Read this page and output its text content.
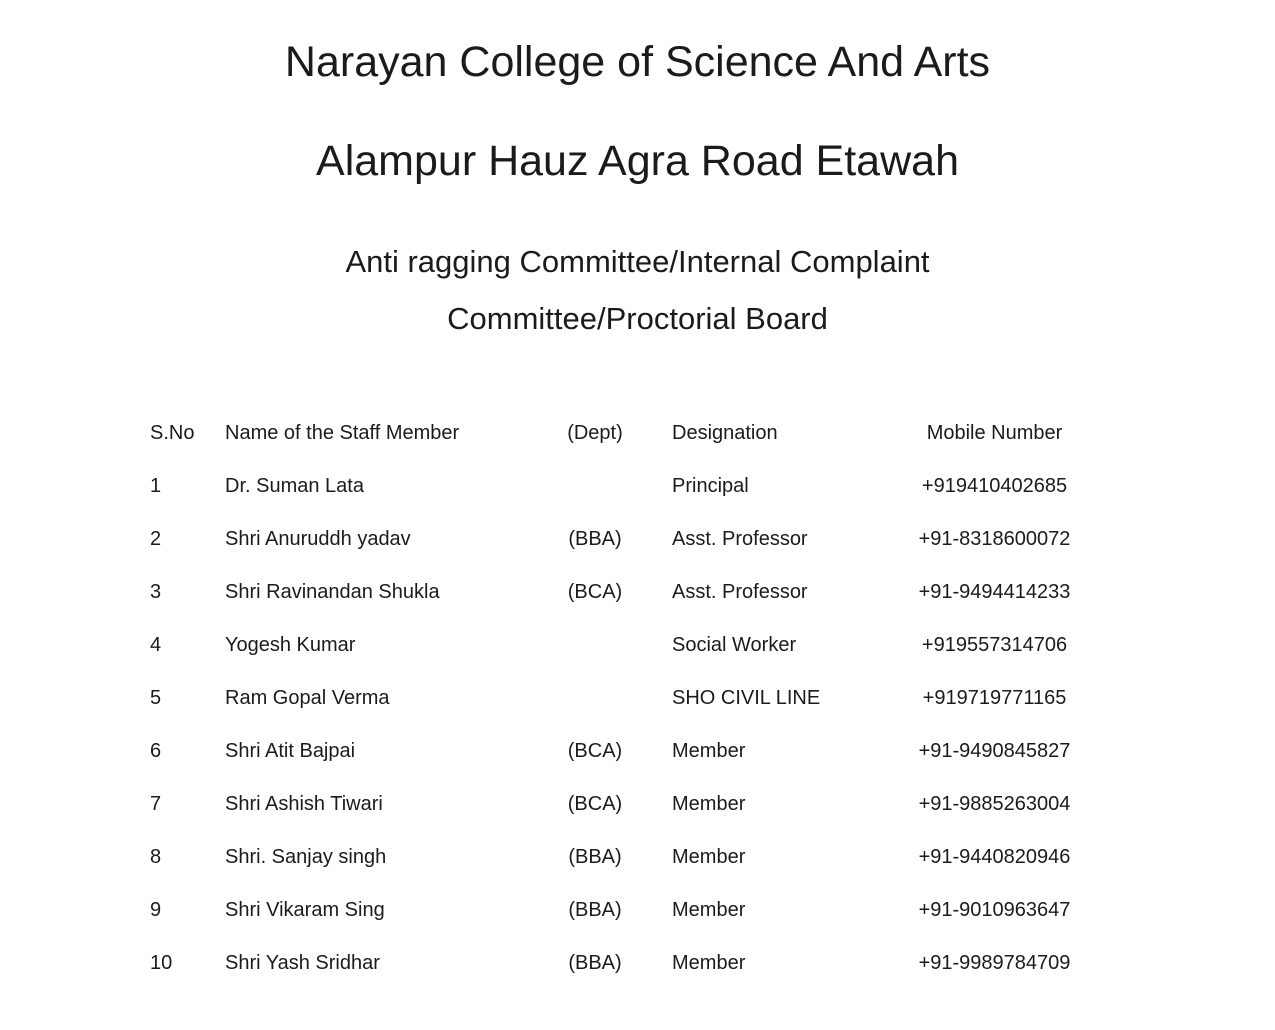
Narayan College of Science And Arts
Alampur Hauz Agra Road Etawah
Anti ragging Committee/Internal Complaint
Committee/Proctorial Board
S.No	Name of the Staff Member	(Dept)	Designation	Mobile Number
1	Dr. Suman Lata		Principal	+919410402685
2	Shri Anuruddh yadav	(BBA)	Asst. Professor	+91-8318600072
3	Shri Ravinandan Shukla	(BCA)	Asst. Professor	+91-9494414233
4	Yogesh Kumar		Social Worker	+919557314706
5	Ram Gopal Verma		SHO CIVIL LINE	+919719771165
6	Shri Atit Bajpai	(BCA)	Member	+91-9490845827
7	Shri Ashish Tiwari	(BCA)	Member	+91-9885263004
8	Shri. Sanjay singh	(BBA)	Member	+91-9440820946
9	Shri Vikaram Sing	(BBA)	Member	+91-9010963647
10	Shri Yash Sridhar	(BBA)	Member	+91-9989784709
